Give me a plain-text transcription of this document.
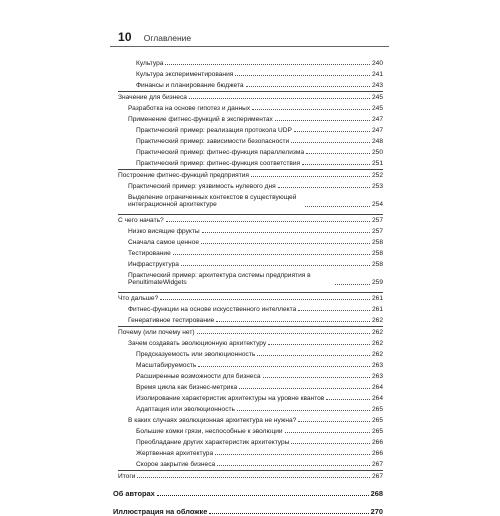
10 Оглавление
Культура	240
Культура экспериментирования	241
Финансы и планирование бюджета	243
Значение для бизнеса	245
Разработка на основе гипотез и данных	245
Применение фитнес-функций в экспериментах	247
Практический пример: реализация протокола UDP	247
Практический пример: зависимости безопасности	248
Практический пример: фитнес-функция параллелизма	250
Практический пример: фитнес-функция соответствия	251
Построение фитнес-функций предприятия	252
Практический пример: уязвимость нулевого дня	253
Выделение ограниченных контекстов в существующей интеграционной архитектуре	254
С чего начать?	257
Низко висящие фрукты	257
Сначала самое ценное	258
Тестирование	258
Инфраструктура	258
Практический пример: архитектура системы предприятия в PenultimateWidgets	259
Что дальше?	261
Фитнес-функции на основе искусственного интеллекта	261
Генеративное тестирование	262
Почему (или почему нет)	262
Зачем создавать эволюционную архитектуру	262
Предсказуемость или эволюционность	262
Масштабируемость	263
Расширенные возможности для бизнеса	263
Время цикла как бизнес-метрика	264
Изолирование характеристик архитектуры на уровне квантов	264
Адаптация или эволюционность	265
В каких случаях эволюционная архитектура не нужна?	265
Большие комки грязи, неспособные к эволюции	265
Преобладание других характеристик архитектуры	266
Жертвенная архитектура	266
Скорое закрытие бизнеса	267
Итоги	267
Об авторах	268
Иллюстрация на обложке	270
